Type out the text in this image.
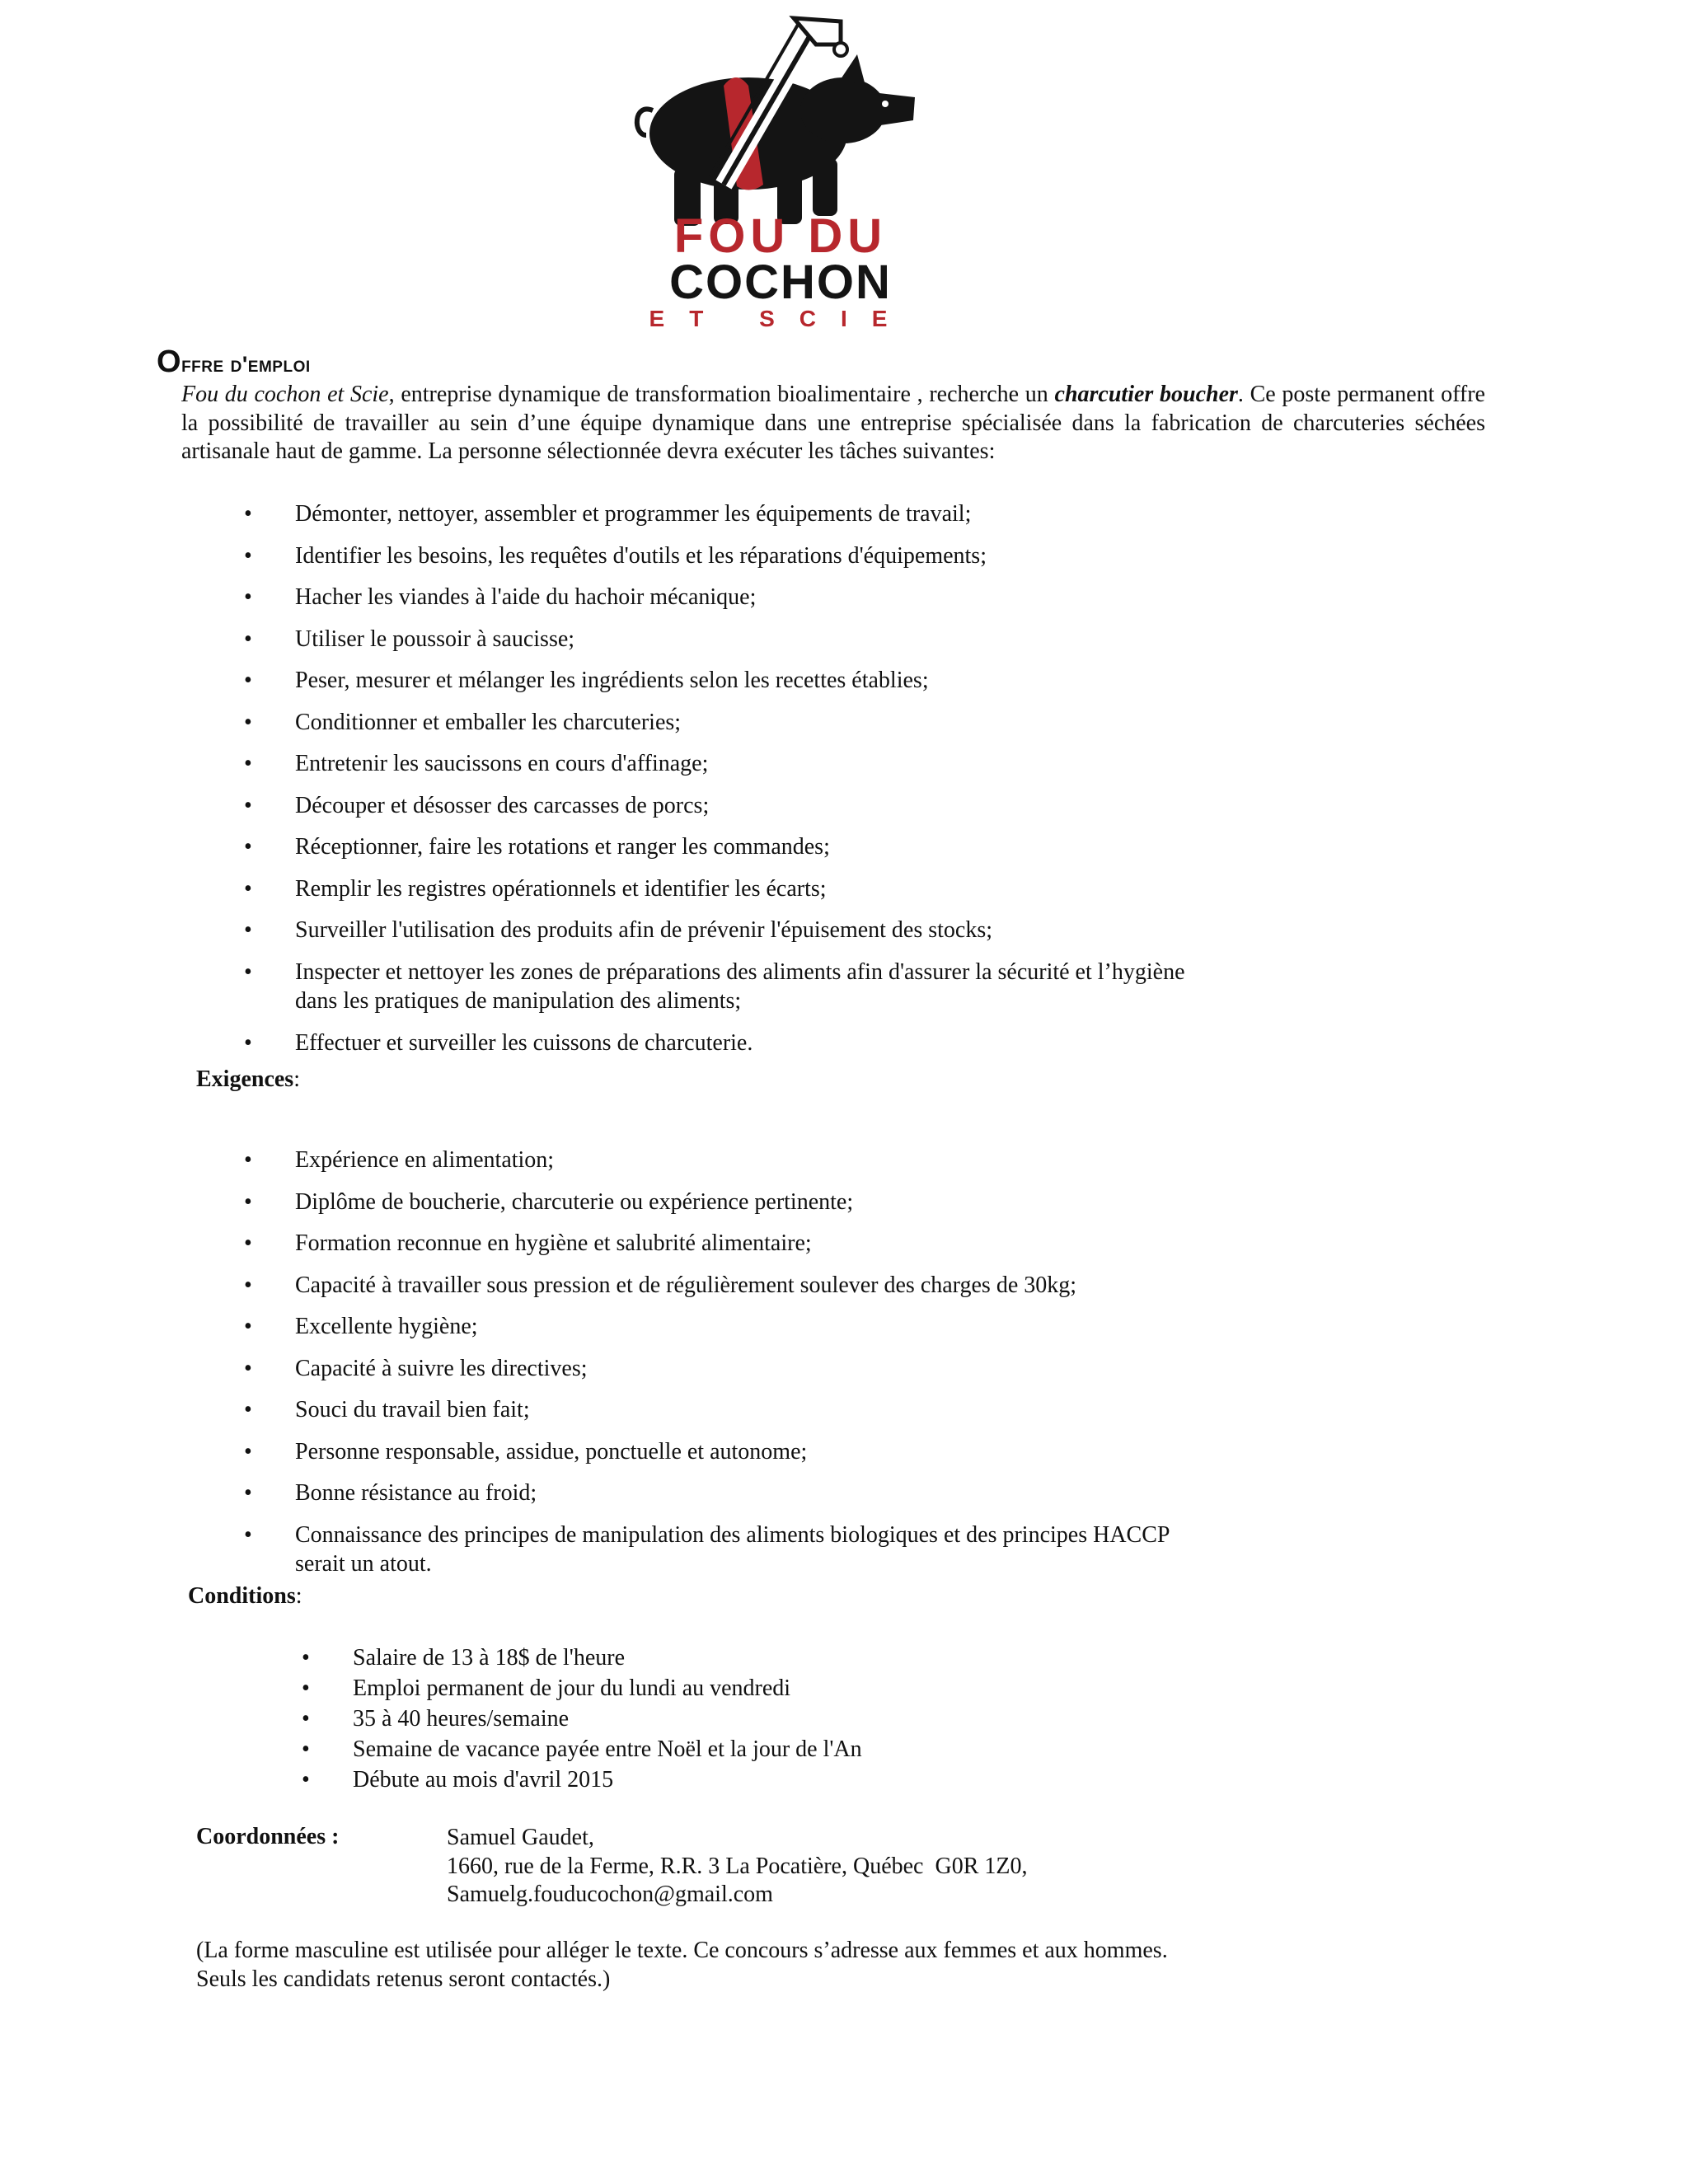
FOU DU
COCHON
ET SCIE
Offre d'emploi

Fou du cochon et Scie, entreprise dynamique de transformation bioalimentaire , recherche un charcutier boucher. Ce poste permanent offre la possibilité de travailler au sein d’une équipe dynamique dans une entreprise spécialisée dans la fabrication de charcuteries séchées artisanale haut de gamme. La personne sélectionnée devra exécuter les tâches suivantes:

• Démonter, nettoyer, assembler et programmer les équipements de travail;
• Identifier les besoins, les requêtes d'outils et les réparations d'équipements;
• Hacher les viandes à l'aide du hachoir mécanique;
• Utiliser le poussoir à saucisse;
• Peser, mesurer et mélanger les ingrédients selon les recettes établies;
• Conditionner et emballer les charcuteries;
• Entretenir les saucissons en cours d'affinage;
• Découper et désosser des carcasses de porcs;
• Réceptionner, faire les rotations et ranger les commandes;
• Remplir les registres opérationnels et identifier les écarts;
• Surveiller l'utilisation des produits afin de prévenir l'épuisement des stocks;
• Inspecter et nettoyer les zones de préparations des aliments afin d'assurer la sécurité et l’hygiène dans les pratiques de manipulation des aliments;
• Effectuer et surveiller les cuissons de charcuterie.
Exigences:
• Expérience en alimentation;
• Diplôme de boucherie, charcuterie ou expérience pertinente;
• Formation reconnue en hygiène et salubrité alimentaire;
• Capacité à travailler sous pression et de régulièrement soulever des charges de 30kg;
• Excellente hygiène;
• Capacité à suivre les directives;
• Souci du travail bien fait;
• Personne responsable, assidue, ponctuelle et autonome;
• Bonne résistance au froid;
• Connaissance des principes de manipulation des aliments biologiques et des principes HACCP serait un atout.
Conditions:
• Salaire de 13 à 18$ de l'heure
• Emploi permanent de jour du lundi au vendredi
• 35 à 40 heures/semaine
• Semaine de vacance payée entre Noël et la jour de l'An
• Débute au mois d'avril 2015
Coordonnées :	Samuel Gaudet,
1660, rue de la Ferme, R.R. 3 La Pocatière, Québec  G0R 1Z0,
Samuelg.fouducochon@gmail.com

(La forme masculine est utilisée pour alléger le texte. Ce concours s’adresse aux femmes et aux hommes. Seuls les candidats retenus seront contactés.)
